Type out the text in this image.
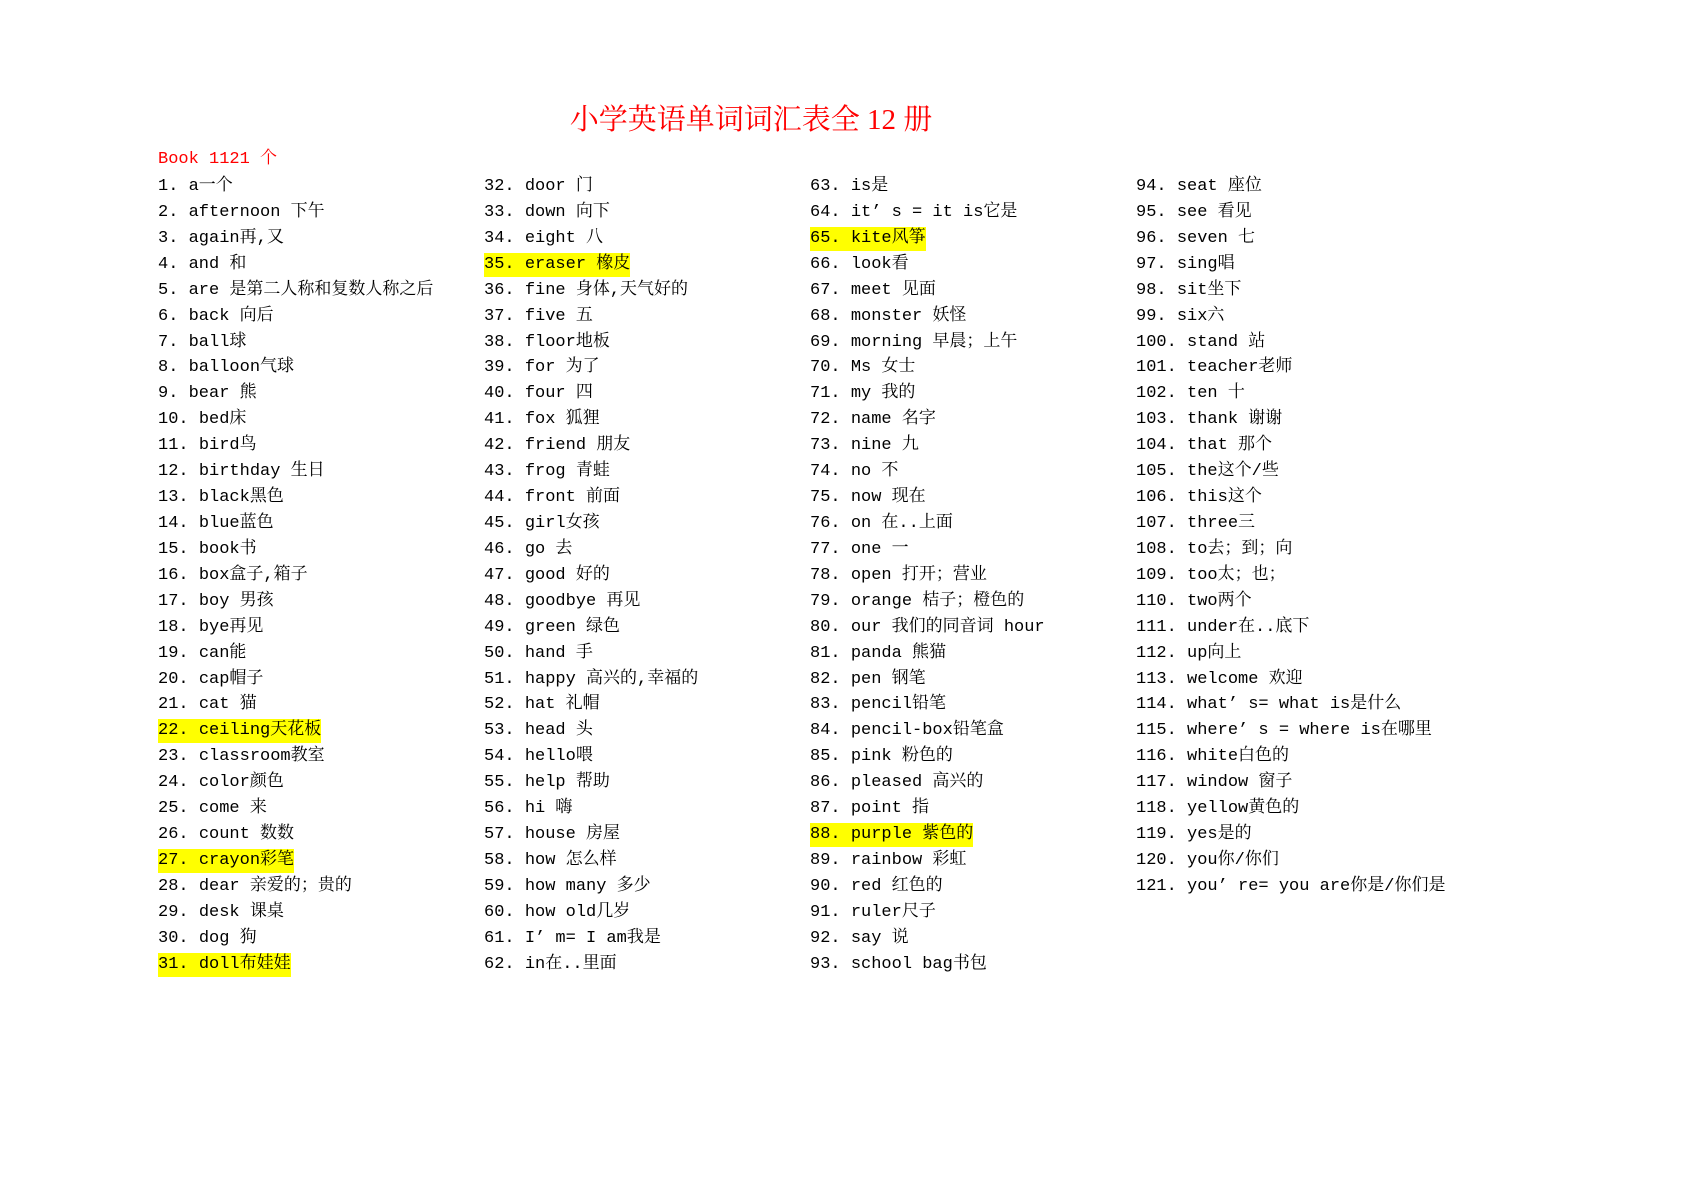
小学英语单词词汇表全 12 册
Book 1121 个
1. a一个
2. afternoon 下午
3. again再,又
4. and 和
5. are 是第二人称和复数人称之后
6. back 向后
7. ball球
8. balloon气球
9. bear 熊
10. bed床
11. bird鸟
12. birthday 生日
13. black黑色
14. blue蓝色
15. book书
16. box盒子,箱子
17. boy 男孩
18. bye再见
19. can能
20. cap帽子
21. cat 猫
22. ceiling天花板
23. classroom教室
24. color颜色
25. come 来
26. count 数数
27. crayon彩笔
28. dear 亲爱的；贵的
29. desk 课桌
30. dog 狗
31. doll布娃娃
32. door 门
33. down 向下
34. eight 八
35. eraser 橡皮
36. fine 身体,天气好的
37. five 五
38. floor地板
39. for 为了
40. four 四
41. fox 狐狸
42. friend 朋友
43. frog 青蛙
44. front 前面
45. girl女孩
46. go 去
47. good 好的
48. goodbye 再见
49. green 绿色
50. hand 手
51. happy 高兴的,幸福的
52. hat 礼帽
53. head 头
54. hello喂
55. help 帮助
56. hi 嗨
57. house 房屋
58. how 怎么样
59. how many 多少
60. how old几岁
61. I’ m= I am我是
62. in在..里面
63. is是
64. it’ s = it is它是
65. kite风筝
66. look看
67. meet 见面
68. monster 妖怪
69. morning 早晨；上午
70. Ms 女士
71. my 我的
72. name 名字
73. nine 九
74. no 不
75. now 现在
76. on 在..上面
77. one 一
78. open 打开；营业
79. orange 桔子；橙色的
80. our 我们的同音词 hour
81. panda 熊猫
82. pen 钢笔
83. pencil铅笔
84. pencil-box铅笔盒
85. pink 粉色的
86. pleased 高兴的
87. point 指
88. purple 紫色的
89. rainbow 彩虹
90. red 红色的
91. ruler尺子
92. say 说
93. school bag书包
94. seat 座位
95. see 看见
96. seven 七
97. sing唱
98. sit坐下
99. six六
100. stand 站
101. teacher老师
102. ten 十
103. thank 谢谢
104. that 那个
105. the这个/些
106. this这个
107. three三
108. to去；到；向
109. too太；也；
110. two两个
111. under在..底下
112. up向上
113. welcome 欢迎
114. what’ s= what is是什么
115. where’ s = where is在哪里
116. white白色的
117. window 窗子
118. yellow黄色的
119. yes是的
120. you你/你们
121. you’ re= you are你是/你们是
